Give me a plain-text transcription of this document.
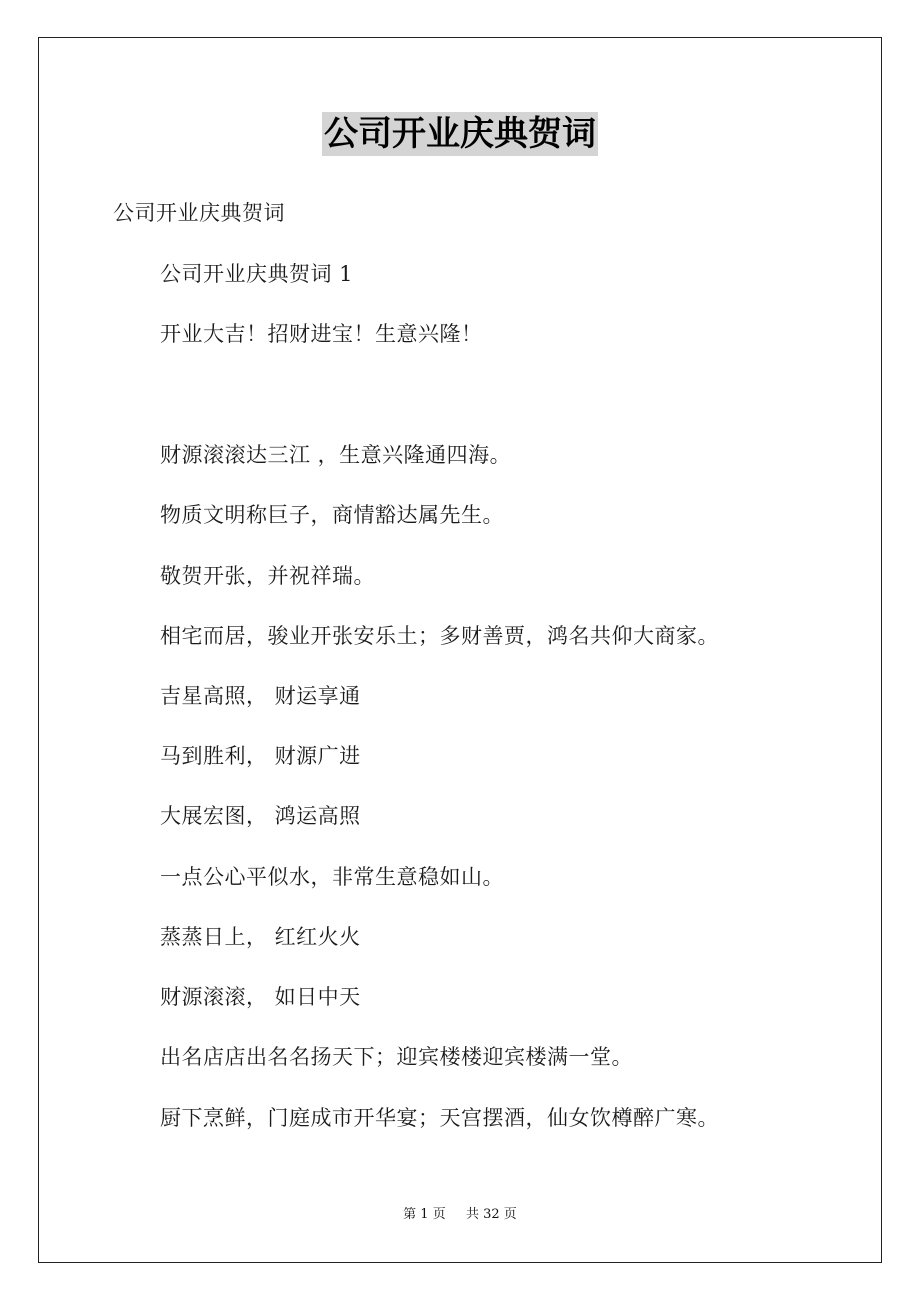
公司开业庆典贺词
公司开业庆典贺词
公司开业庆典贺词 1
开业大吉！招财进宝！生意兴隆！
财源滚滚达三江 ，生意兴隆通四海。
物质文明称巨子，商情豁达属先生。
敬贺开张，并祝祥瑞。
相宅而居，骏业开张安乐土；多财善贾，鸿名共仰大商家。
吉星高照， 财运享通
马到胜利， 财源广进
大展宏图， 鸿运高照
一点公心平似水，非常生意稳如山。
蒸蒸日上， 红红火火
财源滚滚， 如日中天
出名店店出名名扬天下；迎宾楼楼迎宾楼满一堂。
厨下烹鲜，门庭成市开华宴；天宫摆酒，仙女饮樽醉广寒。
第 1 页 共 32 页
